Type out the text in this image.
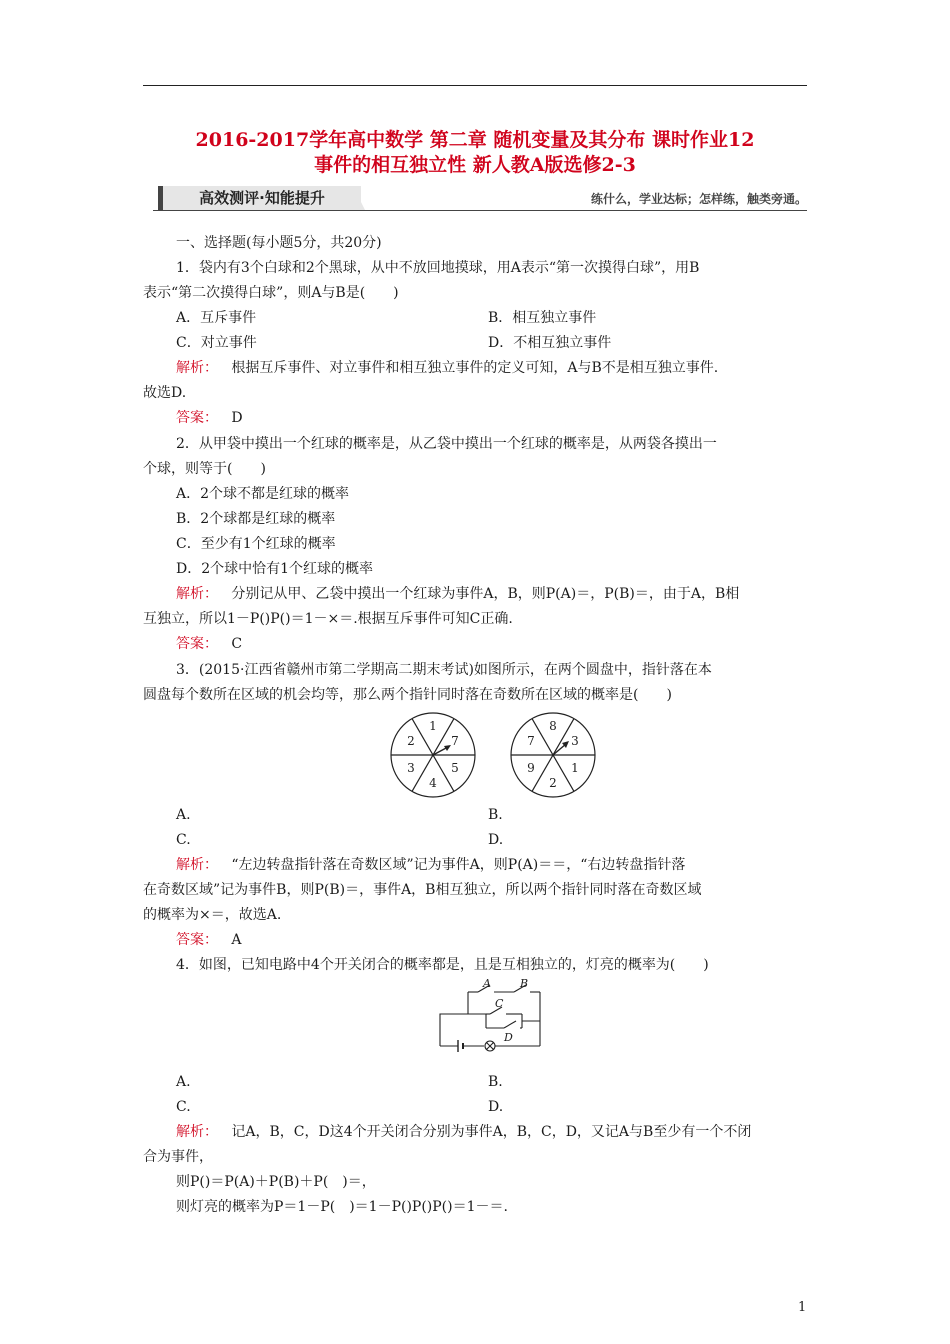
2016-2017学年高中数学 第二章 随机变量及其分布 课时作业12
事件的相互独立性 新人教A版选修2-3
高效测评·知能提升	练什么，学业达标；怎样练，触类旁通。
一、选择题(每小题5分，共20分)
1．袋内有3个白球和2个黑球，从中不放回地摸球，用A表示“第一次摸得白球”，用B
表示“第二次摸得白球”，则A与B是(　　)
A．互斥事件	B．相互独立事件
C．对立事件	D．不相互独立事件
解析： 根据互斥事件、对立事件和相互独立事件的定义可知，A与B不是相互独立事件.
故选D.
答案： D
2．从甲袋中摸出一个红球的概率是，从乙袋中摸出一个红球的概率是，从两袋各摸出一
个球，则等于(　　)
A．2个球不都是红球的概率
B．2个球都是红球的概率
C．至少有1个红球的概率
D．2个球中恰有1个红球的概率
解析： 分别记从甲、乙袋中摸出一个红球为事件A，B，则P(A)＝，P(B)＝，由于A，B相
互独立，所以1－P()P()＝1－×＝.根据互斥事件可知C正确.
答案： C
3．(2015·江西省赣州市第二学期高二期末考试)如图所示，在两个圆盘中，指针落在本
圆盘每个数所在区域的机会均等，那么两个指针同时落在奇数所在区域的概率是(　　)
1
7
5
4
3
2
8
3
1
2
9
7
A.	B.
C.	D.
解析： “左边转盘指针落在奇数区域”记为事件A，则P(A)＝＝，“右边转盘指针落
在奇数区域”记为事件B，则P(B)＝，事件A，B相互独立，所以两个指针同时落在奇数区域
的概率为×＝，故选A.
答案： A
4．如图，已知电路中4个开关闭合的概率都是，且是互相独立的，灯亮的概率为(　　)
A	B
C
D
A.	B.
C.	D.
解析： 记A，B，C，D这4个开关闭合分别为事件A，B，C，D，又记A与B至少有一个不闭
合为事件，
则P()＝P(A)＋P(B)＋P(　)＝，
则灯亮的概率为P＝1－P(　)＝1－P()P()P()＝1－＝.
1
